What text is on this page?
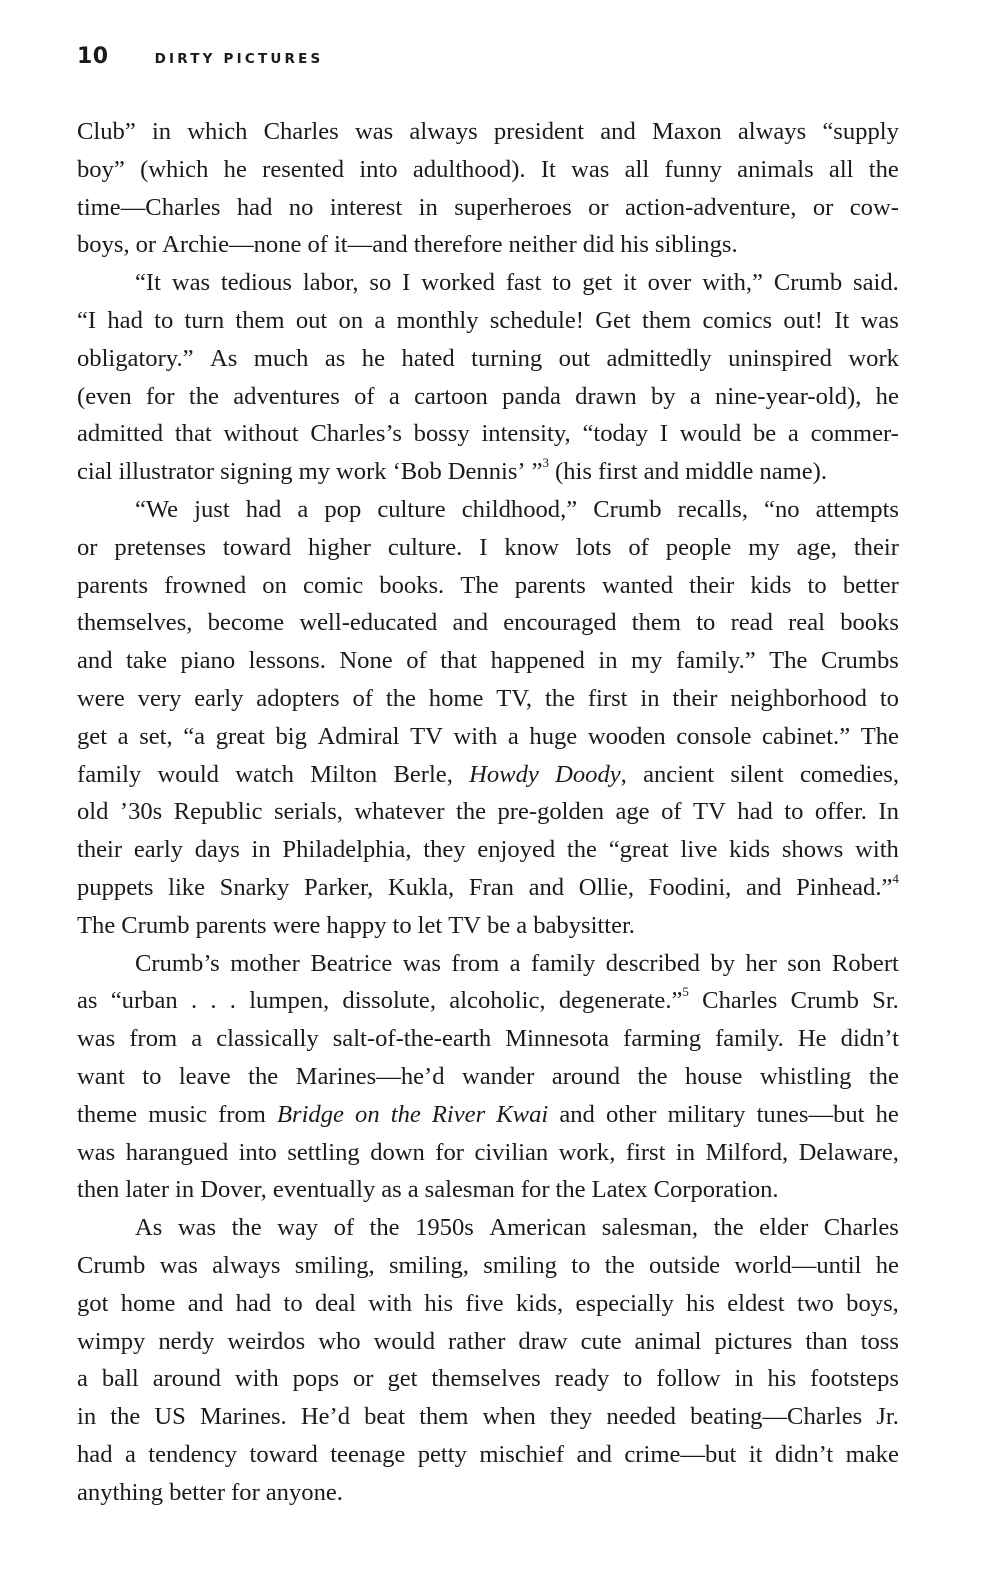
10	DIRTY PICTURES
Club” in which Charles was always president and Maxon always “supply
boy” (which he resented into adulthood). It was all funny animals all the
time—Charles had no interest in superheroes or action-adventure, or cow-
boys, or Archie—none of it—and therefore neither did his siblings.
“It was tedious labor, so I worked fast to get it over with,” Crumb said.
“I had to turn them out on a monthly schedule! Get them comics out! It was
obligatory.” As much as he hated turning out admittedly uninspired work
(even for the adventures of a cartoon panda drawn by a nine-year-old), he
admitted that without Charles’s bossy intensity, “today I would be a commer-
cial illustrator signing my work ‘Bob Dennis’ ”$^3$ (his first and middle name).
“We just had a pop culture childhood,” Crumb recalls, “no attempts
or pretenses toward higher culture. I know lots of people my age, their
parents frowned on comic books. The parents wanted their kids to better
themselves, become well-educated and encouraged them to read real books
and take piano lessons. None of that happened in my family.” The Crumbs
were very early adopters of the home TV, the first in their neighborhood to
get a set, “a great big Admiral TV with a huge wooden console cabinet.” The
family would watch Milton Berle, Howdy Doody, ancient silent comedies,
old ’30s Republic serials, whatever the pre-golden age of TV had to offer. In
their early days in Philadelphia, they enjoyed the “great live kids shows with
puppets like Snarky Parker, Kukla, Fran and Ollie, Foodini, and Pinhead.”$^4$
The Crumb parents were happy to let TV be a babysitter.
Crumb’s mother Beatrice was from a family described by her son Robert
as “urban . . . lumpen, dissolute, alcoholic, degenerate.”$^5$ Charles Crumb Sr.
was from a classically salt-of-the-earth Minnesota farming family. He didn’t
want to leave the Marines—he’d wander around the house whistling the
theme music from Bridge on the River Kwai and other military tunes—but he
was harangued into settling down for civilian work, first in Milford, Delaware,
then later in Dover, eventually as a salesman for the Latex Corporation.
As was the way of the 1950s American salesman, the elder Charles
Crumb was always smiling, smiling, smiling to the outside world—until he
got home and had to deal with his five kids, especially his eldest two boys,
wimpy nerdy weirdos who would rather draw cute animal pictures than toss
a ball around with pops or get themselves ready to follow in his footsteps
in the US Marines. He’d beat them when they needed beating—Charles Jr.
had a tendency toward teenage petty mischief and crime—but it didn’t make
anything better for anyone.
